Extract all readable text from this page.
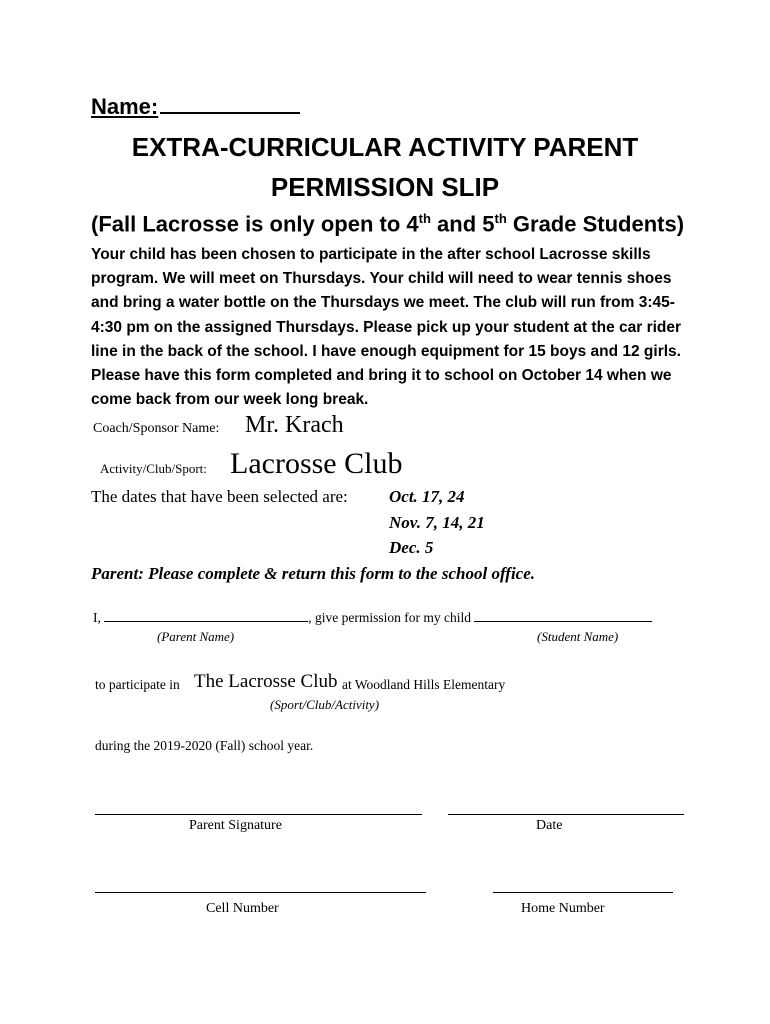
Name:
EXTRA-CURRICULAR ACTIVITY PARENT
PERMISSION SLIP
(Fall Lacrosse is only open to 4th and 5th Grade Students)
Your child has been chosen to participate in the after school Lacrosse skills program. We will meet on Thursdays. Your child will need to wear tennis shoes and bring a water bottle on the Thursdays we meet. The club will run from 3:45-4:30 pm on the assigned Thursdays. Please pick up your student at the car rider line in the back of the school. I have enough equipment for 15 boys and 12 girls. Please have this form completed and bring it to school on October 14 when we come back from our week long break.
Coach/Sponsor Name: Mr. Krach
Activity/Club/Sport: Lacrosse Club
The dates that have been selected are: Oct. 17, 24
Nov. 7, 14, 21
Dec. 5
Parent: Please complete & return this form to the school office.
I,	, give permission for my child
(Parent Name)	(Student Name)
to participate in The Lacrosse Club at Woodland Hills Elementary
(Sport/Club/Activity)
during the 2019-2020 (Fall) school year.
Parent Signature	Date
Cell Number	Home Number
